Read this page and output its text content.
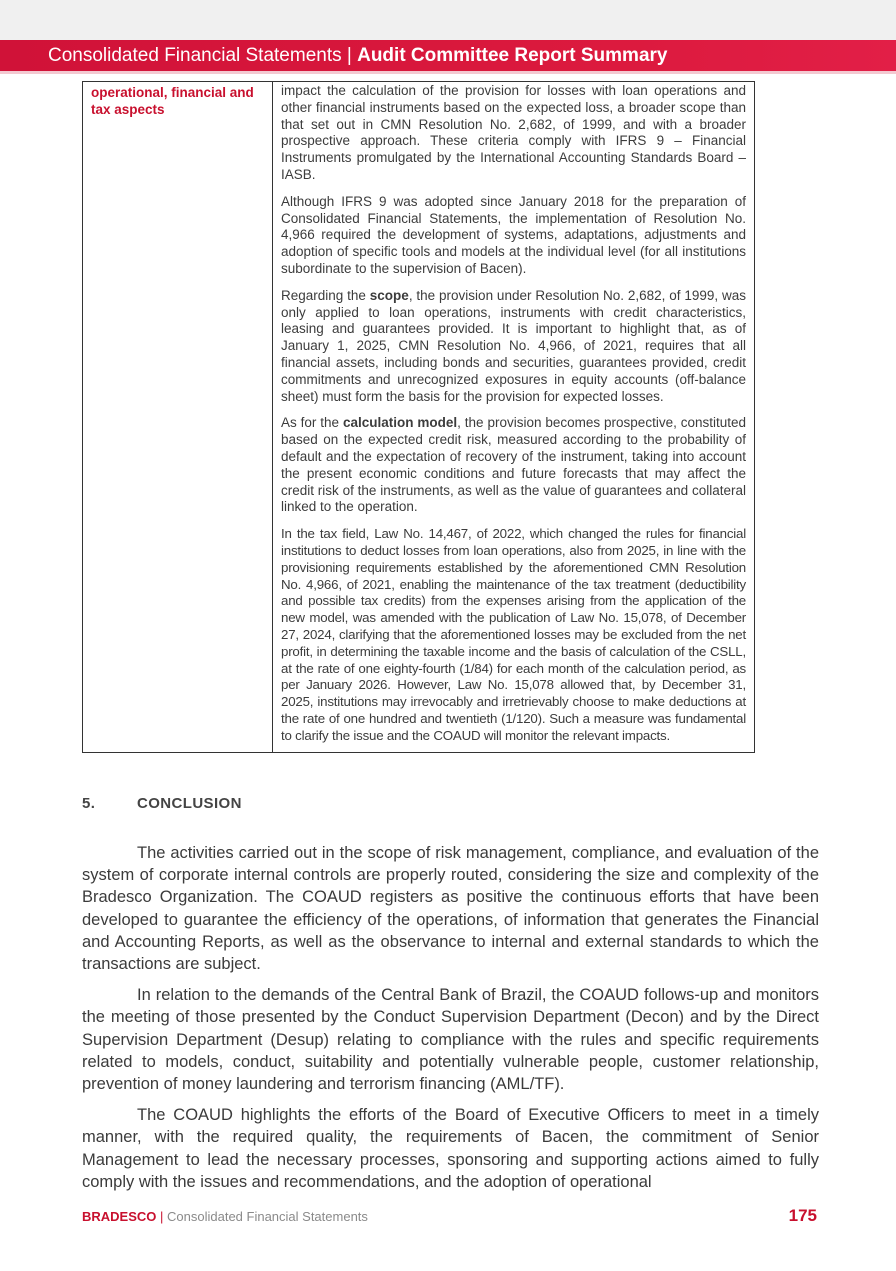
Consolidated Financial Statements | Audit Committee Report Summary
operational, financial and tax aspects	

impact the calculation of the provision for losses with loan operations and other financial instruments based on the expected loss, a broader scope than that set out in CMN Resolution No. 2,682, of 1999, and with a broader prospective approach. These criteria comply with IFRS 9 – Financial Instruments promulgated by the International Accounting Standards Board – IASB.

Although IFRS 9 was adopted since January 2018 for the preparation of Consolidated Financial Statements, the implementation of Resolution No. 4,966 required the development of systems, adaptations, adjustments and adoption of specific tools and models at the individual level (for all institutions subordinate to the supervision of Bacen).

Regarding the scope, the provision under Resolution No. 2,682, of 1999, was only applied to loan operations, instruments with credit characteristics, leasing and guarantees provided. It is important to highlight that, as of January 1, 2025, CMN Resolution No. 4,966, of 2021, requires that all financial assets, including bonds and securities, guarantees provided, credit commitments and unrecognized exposures in equity accounts (off-balance sheet) must form the basis for the provision for expected losses.

As for the calculation model, the provision becomes prospective, constituted based on the expected credit risk, measured according to the probability of default and the expectation of recovery of the instrument, taking into account the present economic conditions and future forecasts that may affect the credit risk of the instruments, as well as the value of guarantees and collateral linked to the operation.

In the tax field, Law No. 14,467, of 2022, which changed the rules for financial institutions to deduct losses from loan operations, also from 2025, in line with the provisioning requirements established by the aforementioned CMN Resolution No. 4,966, of 2021, enabling the maintenance of the tax treatment (deductibility and possible tax credits) from the expenses arising from the application of the new model, was amended with the publication of Law No. 15,078, of December 27, 2024, clarifying that the aforementioned losses may be excluded from the net profit, in determining the taxable income and the basis of calculation of the CSLL, at the rate of one eighty-fourth (1/84) for each month of the calculation period, as per January 2026. However, Law No. 15,078 allowed that, by December 31, 2025, institutions may irrevocably and irretrievably choose to make deductions at the rate of one hundred and twentieth (1/120). Such a measure was fundamental to clarify the issue and the COAUD will monitor the relevant impacts.

5.	CONCLUSION

The activities carried out in the scope of risk management, compliance, and evaluation of the system of corporate internal controls are properly routed, considering the size and complexity of the Bradesco Organization. The COAUD registers as positive the continuous efforts that have been developed to guarantee the efficiency of the operations, of information that generates the Financial and Accounting Reports, as well as the observance to internal and external standards to which the transactions are subject.

In relation to the demands of the Central Bank of Brazil, the COAUD follows-up and monitors the meeting of those presented by the Conduct Supervision Department (Decon) and by the Direct Supervision Department (Desup) relating to compliance with the rules and specific requirements related to models, conduct, suitability and potentially vulnerable people, customer relationship, prevention of money laundering and terrorism financing (AML/TF).

The COAUD highlights the efforts of the Board of Executive Officers to meet in a timely manner, with the required quality, the requirements of Bacen, the commitment of Senior Management to lead the necessary processes, sponsoring and supporting actions aimed to fully comply with the issues and recommendations, and the adoption of operational

BRADESCO | Consolidated Financial Statements	175
